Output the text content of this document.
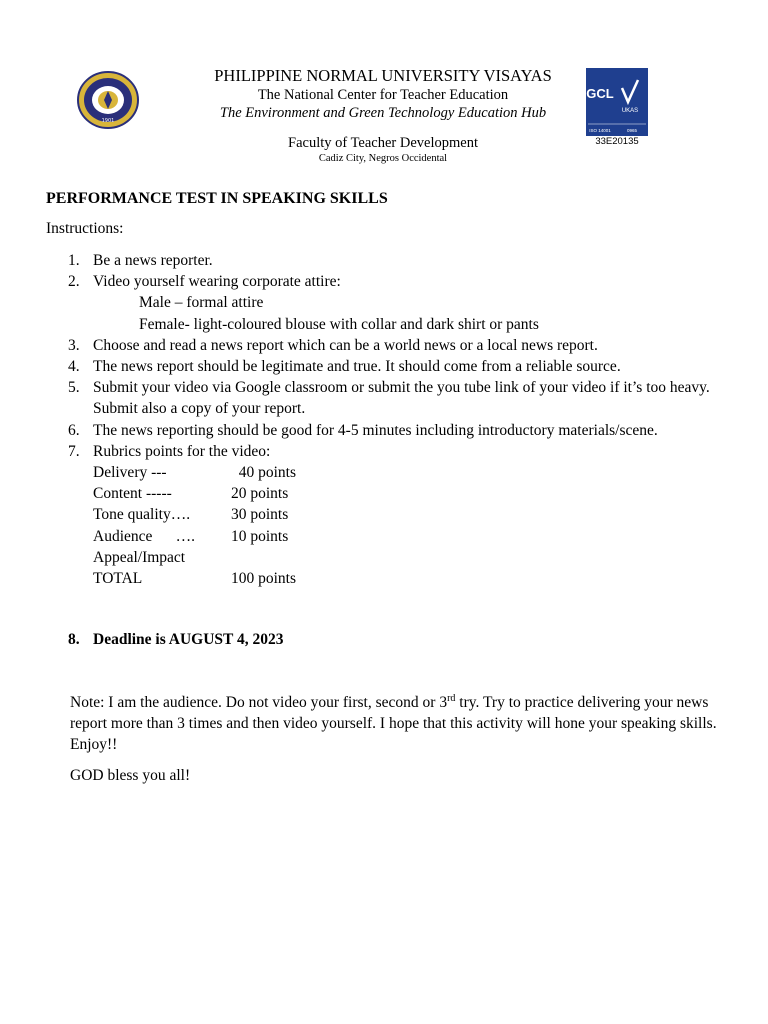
1901
PHILIPPINE NORMAL UNIVERSITY VISAYAS
The National Center for Teacher Education
The Environment and Green Technology Education Hub
Faculty of Teacher Development
Cadiz City, Negros Occidental
GCL
UKAS
ISO 14001	0965
33E20135
PERFORMANCE TEST IN SPEAKING SKILLS
Instructions:
1. Be a news reporter.
2. Video yourself wearing corporate attire:
Male – formal attire
Female- light-coloured blouse with collar and dark shirt or pants
3. Choose and read a news report which can be a world news or a local news report.
4. The news report should be legitimate and true. It should come from a reliable source.
5. Submit your video via Google classroom or submit the you tube link of your video if it’s too heavy. Submit also a copy of your report.
6. The news reporting should be good for 4-5 minutes including introductory materials/scene.
7. Rubrics points for the video:
Delivery ---	40 points
Content -----	20 points
Tone quality….	30 points
Audience      ….	10 points
Appeal/Impact
TOTAL	100 points
8. Deadline is AUGUST 4, 2023
Note: I am the audience. Do not video your first, second or 3rd try. Try to practice delivering your news report more than 3 times and then video yourself. I hope that this activity will hone your speaking skills. Enjoy!!
GOD bless you all!
